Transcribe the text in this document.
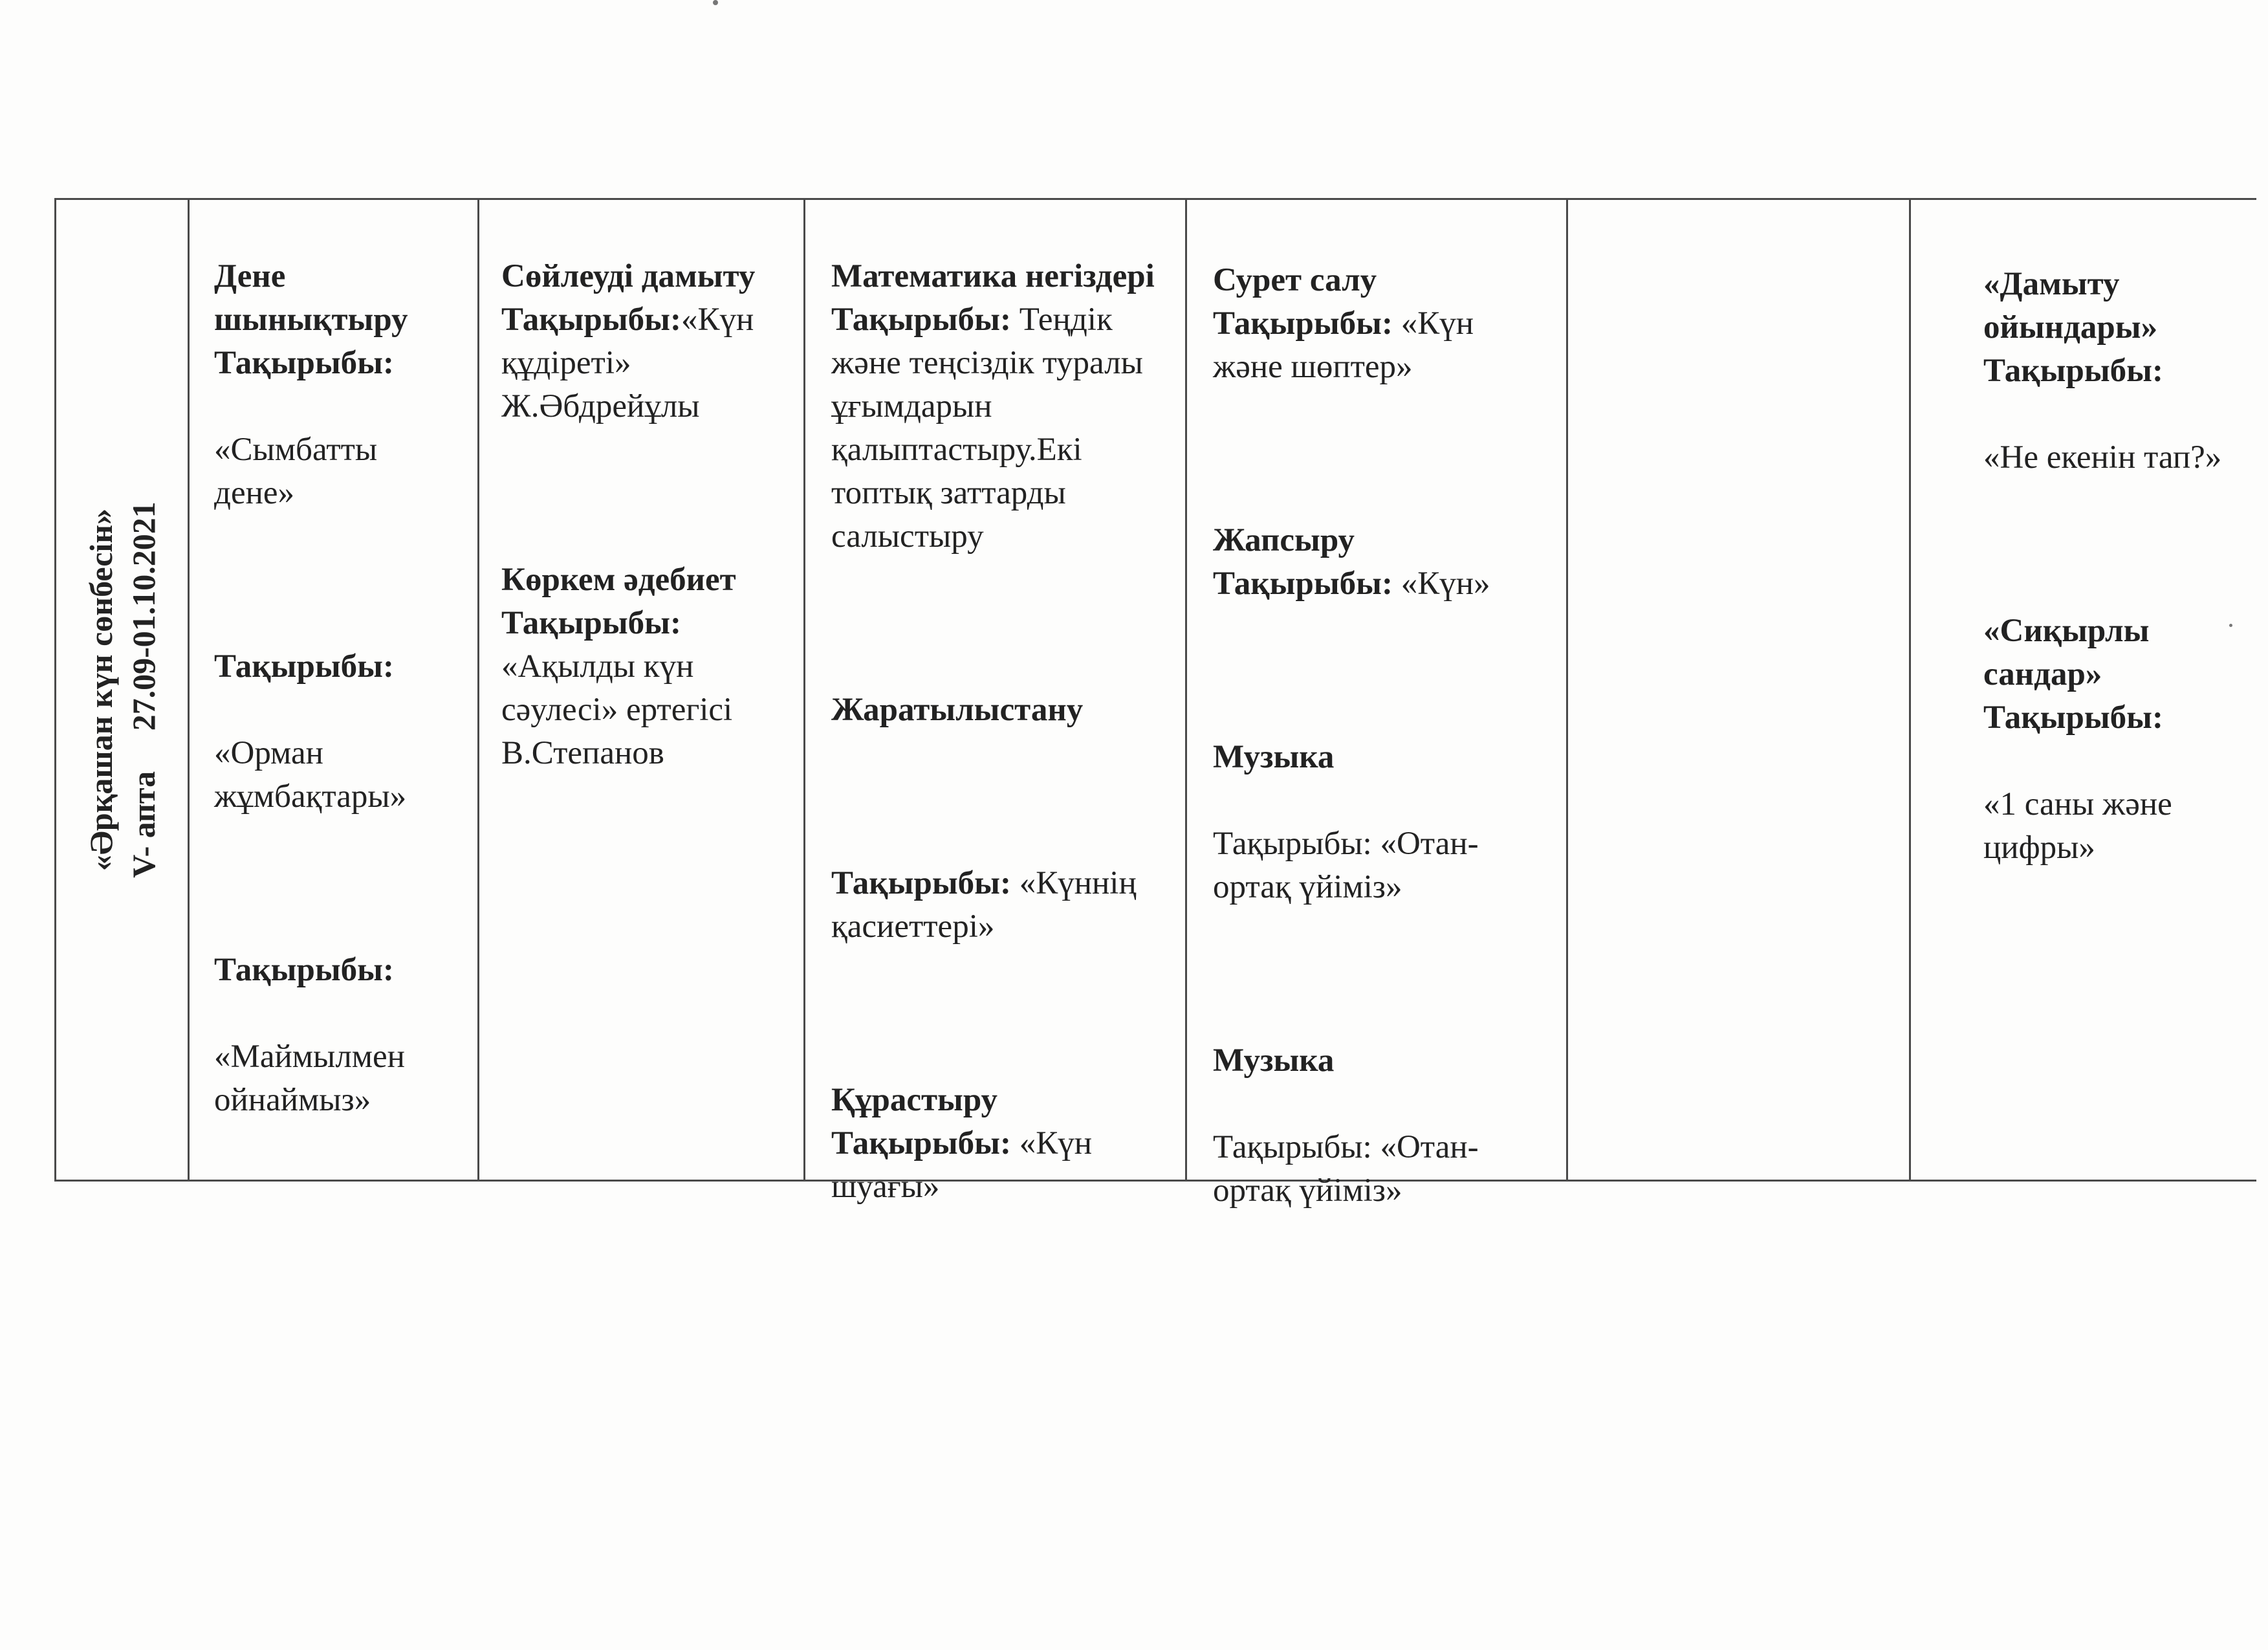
«Әрқашан күн сөнбесін» V- апта     27.09-01.10.2021

Дене шынықтыру Тақырыбы:

«Сымбатты дене»

Тақырыбы:

«Орман жұмбақтары»

Тақырыбы:

«Маймылмен ойнаймыз»

Сөйлеуді дамыту Тақырыбы:«Күн құдіреті» Ж.Әбдрейұлы

Көркем әдебиет Тақырыбы: «Ақылды күн сәулесі» ертегісі В.Степанов

Математика негіздері Тақырыбы: Теңдік және теңсіздік туралы ұғымдарын қалыптастыру.Екі топтық заттарды салыстыру

Жаратылыстану

Тақырыбы: «Күннің қасиеттері»

Құрастыру Тақырыбы: «Күн шуағы»

Сурет салу Тақырыбы: «Күн және шөптер»

Жапсыру Тақырыбы: «Күн»

Музыка

Тақырыбы: «Отан-ортақ үйіміз»

Музыка

Тақырыбы: «Отан-ортақ үйіміз»

«Дамыту ойындары» Тақырыбы:

«Не екенін тап?»

«Сиқырлы сандар» Тақырыбы:

«1 саны және цифры»
